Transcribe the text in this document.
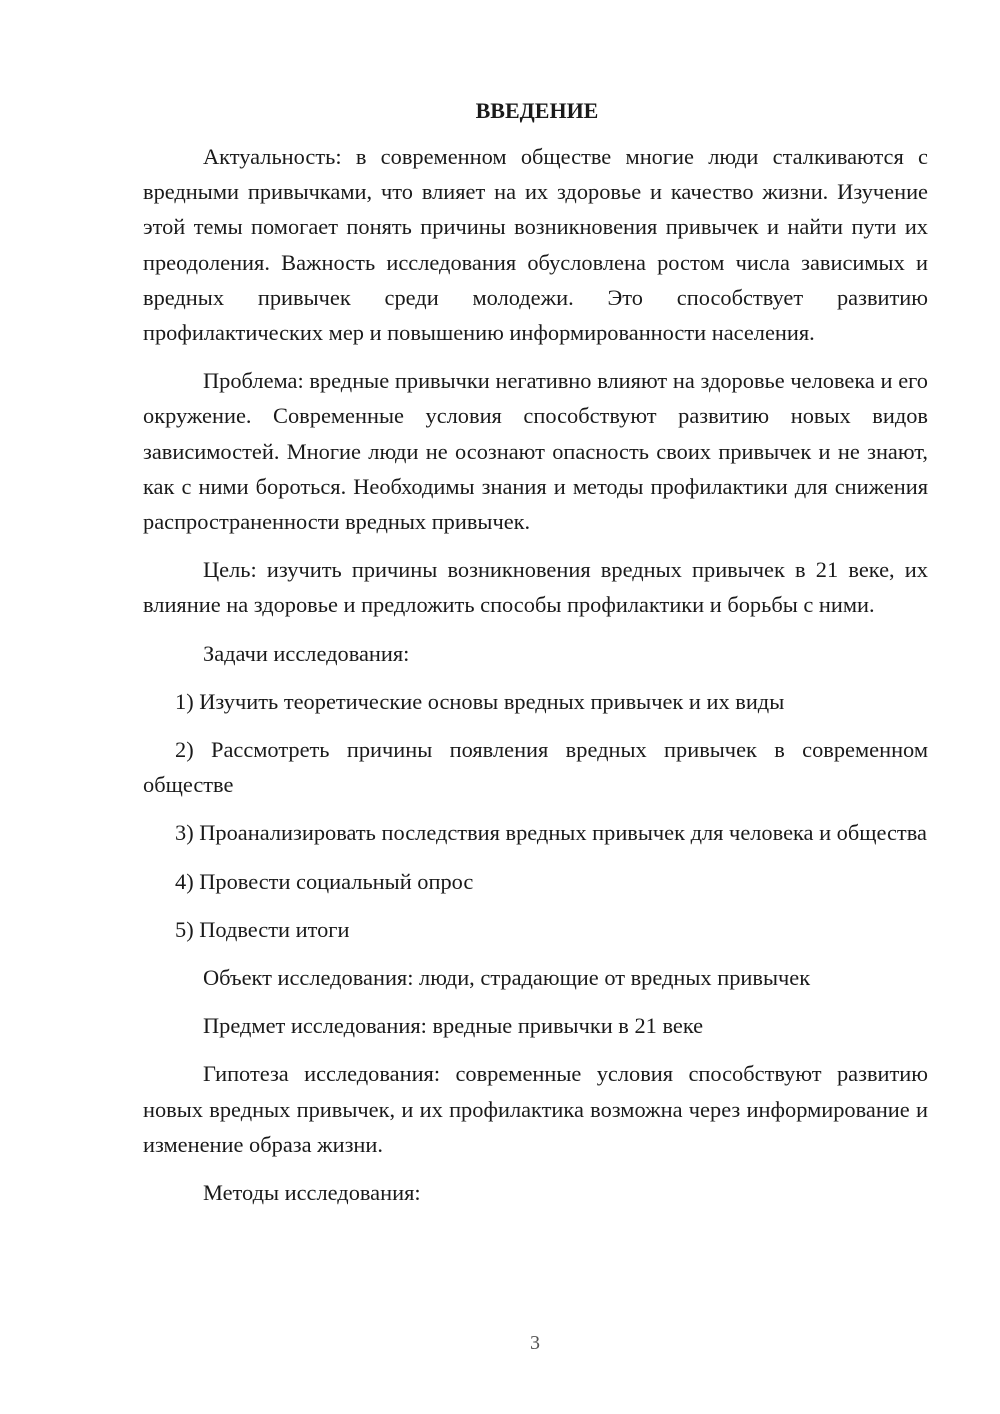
ВВЕДЕНИЕ

Актуальность: в современном обществе многие люди сталкиваются с вредными привычками, что влияет на их здоровье и качество жизни. Изучение этой темы помогает понять причины возникновения привычек и найти пути их преодоления. Важность исследования обусловлена ростом числа зависимых и вредных привычек среди молодежи. Это способствует развитию профилактических мер и повышению информированности населения.

Проблема: вредные привычки негативно влияют на здоровье человека и его окружение. Современные условия способствуют развитию новых видов зависимостей. Многие люди не осознают опасность своих привычек и не знают, как с ними бороться. Необходимы знания и методы профилактики для снижения распространенности вредных привычек.

Цель: изучить причины возникновения вредных привычек в 21 веке, их влияние на здоровье и предложить способы профилактики и борьбы с ними.

Задачи исследования:

1) Изучить теоретические основы вредных привычек и их виды

2) Рассмотреть причины появления вредных привычек в современном обществе

3) Проанализировать последствия вредных привычек для человека и общества

4) Провести социальный опрос

5) Подвести итоги

Объект исследования: люди, страдающие от вредных привычек

Предмет исследования: вредные привычки в 21 веке

Гипотеза исследования: современные условия способствуют развитию новых вредных привычек, и их профилактика возможна через информирование и изменение образа жизни.

Методы исследования:

3
